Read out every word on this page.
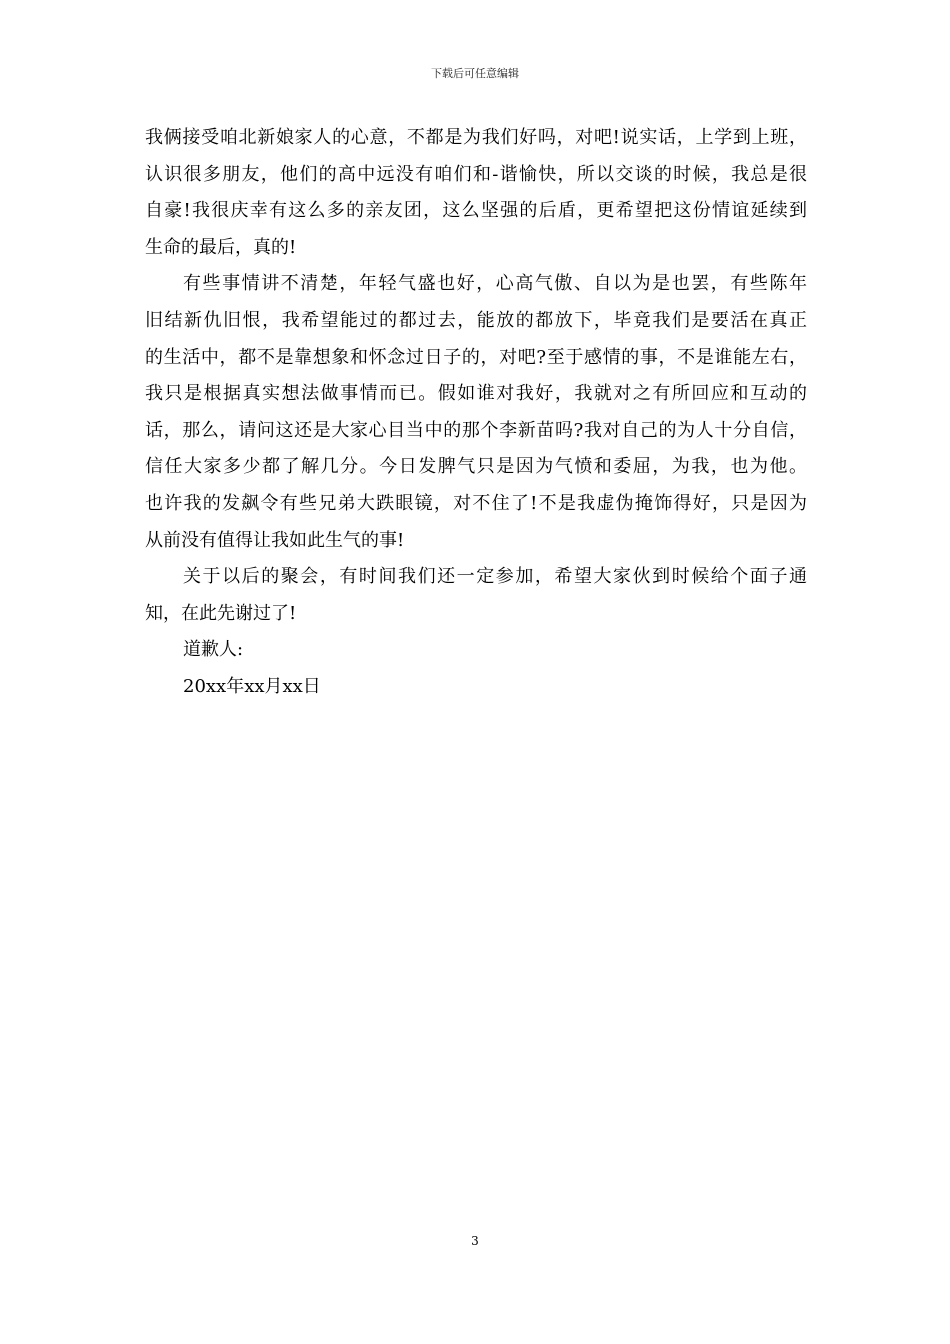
下载后可任意编辑
我俩接受咱北新娘家人的心意，不都是为我们好吗，对吧!说实话，上学到上班，
认识很多朋友，他们的高中远没有咱们和-谐愉快，所以交谈的时候，我总是很
自豪!我很庆幸有这么多的亲友团，这么坚强的后盾，更希望把这份情谊延续到
生命的最后，真的!
有些事情讲不清楚，年轻气盛也好，心高气傲、自以为是也罢，有些陈年
旧结新仇旧恨，我希望能过的都过去，能放的都放下，毕竟我们是要活在真正
的生活中，都不是靠想象和怀念过日子的，对吧?至于感情的事，不是谁能左右，
我只是根据真实想法做事情而已。假如谁对我好，我就对之有所回应和互动的
话，那么，请问这还是大家心目当中的那个李新苗吗?我对自己的为人十分自信，
信任大家多少都了解几分。今日发脾气只是因为气愤和委屈，为我，也为他。
也许我的发飙令有些兄弟大跌眼镜，对不住了!不是我虚伪掩饰得好，只是因为
从前没有值得让我如此生气的事!
关于以后的聚会，有时间我们还一定参加，希望大家伙到时候给个面子通
知，在此先谢过了!
道歉人:
20xx年xx月xx日
3
